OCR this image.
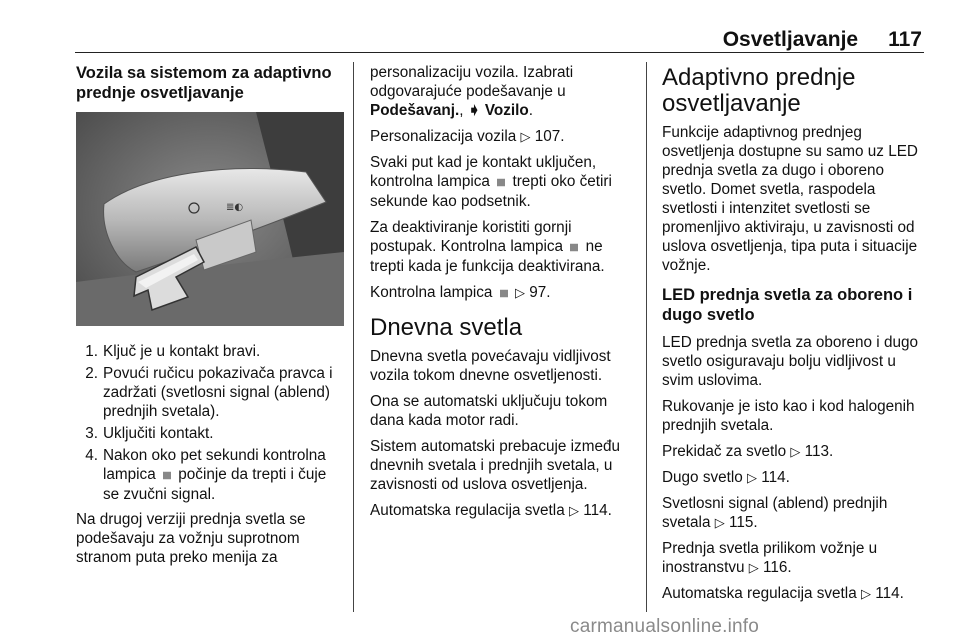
Osvetljavanje 117
Vozila sa sistemom za adaptivno prednje osvetljavanje
≣◐
1. Ključ je u kontakt bravi.
2. Povući ručicu pokazivača pravca i zadržati (svetlosni signal (ablend) prednjih svetala).
3. Uključiti kontakt.
4. Nakon oko pet sekundi kontrolna lampica ≣ počinje da trepti i čuje se zvučni signal.

Na drugoj verziji prednja svetla se podešavaju za vožnju suprotnom stranom puta preko menija za

personalizaciju vozila. Izabrati odgovarajuće podešavanje u Podešavanj., ➧ Vozilo.

Personalizacija vozila ▷ 107.

Svaki put kad je kontakt uključen, kontrolna lampica ≣ trepti oko četiri sekunde kao podsetnik.

Za deaktiviranje koristiti gornji postupak. Kontrolna lampica ≣ ne trepti kada je funkcija deaktivirana.

Kontrolna lampica ≣ ▷ 97.

Dnevna svetla

Dnevna svetla povećavaju vidljivost vozila tokom dnevne osvetljenosti.

Ona se automatski uključuju tokom dana kada motor radi.

Sistem automatski prebacuje između dnevnih svetala i prednjih svetala, u zavisnosti od uslova osvetljenja.

Automatska regulacija svetla ▷ 114.

Adaptivno prednje osvetljavanje

Funkcije adaptivnog prednjeg osvetljenja dostupne su samo uz LED prednja svetla za dugo i oboreno svetlo. Domet svetla, raspodela svetlosti i intenzitet svetlosti se promenljivo aktiviraju, u zavisnosti od uslova osvetljenja, tipa puta i situacije vožnje.

LED prednja svetla za oboreno i dugo svetlo

LED prednja svetla za oboreno i dugo svetlo osiguravaju bolju vidljivost u svim uslovima.

Rukovanje je isto kao i kod halogenih prednjih svetala.

Prekidač za svetlo ▷ 113.

Dugo svetlo ▷ 114.

Svetlosni signal (ablend) prednjih svetala ▷ 115.

Prednja svetla prilikom vožnje u inostranstvu ▷ 116.

Automatska regulacija svetla ▷ 114.

carmanualsonline.info
